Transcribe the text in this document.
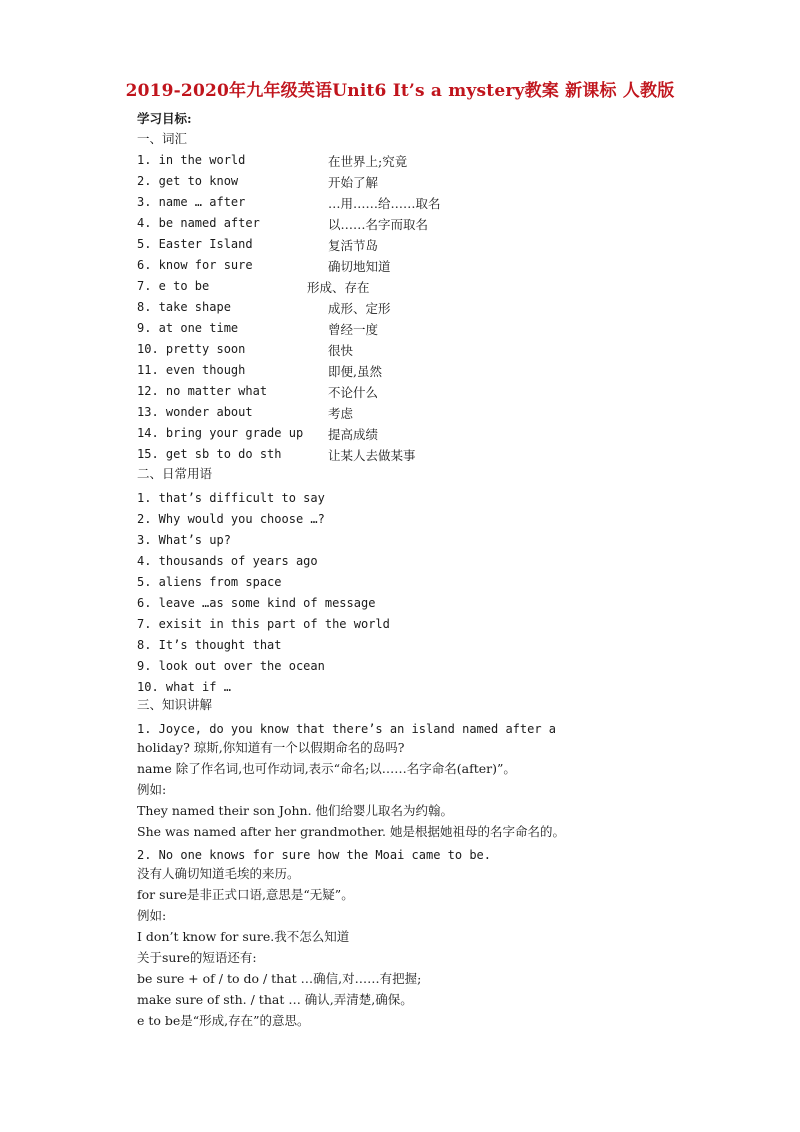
2019-2020年九年级英语Unit6 It’s a mystery教案 新课标 人教版
学习目标:
一、词汇
1. in the world	在世界上;究竟
2. get to know	开始了解
3. name … after	…用……给……取名
4. be named after	以……名字而取名
5. Easter Island	复活节岛
6. know for sure	确切地知道
7. e to be	形成、存在
8. take shape	成形、定形
9. at one time	曾经一度
10. pretty soon	很快
11. even though	即便,虽然
12. no matter what	不论什么
13. wonder about	考虑
14. bring your grade up 提高成绩
15. get sb to do sth	让某人去做某事
二、日常用语
1. that’s difficult to say
2. Why would you choose …?
3. What’s up?
4. thousands of years ago
5. aliens from space
6. leave …as some kind of message
7. exisit in this part of the world
8. It’s thought that
9. look out over the ocean
10. what if …
三、知识讲解
1. Joyce, do you know that there’s an island named after a
holiday? 琼斯,你知道有一个以假期命名的岛吗?
name 除了作名词,也可作动词,表示“命名;以……名字命名(after)”。
例如:
They named their son John. 他们给婴儿取名为约翰。
She was named after her grandmother. 她是根据她祖母的名字命名的。
2. No one knows for sure how the Moai came to be.
没有人确切知道毛埃的来历。
for sure是非正式口语,意思是“无疑”。
例如:
I don’t know for sure.我不怎么知道
关于sure的短语还有:
be sure + of / to do / that …确信,对……有把握;
make sure of sth. / that … 确认,弄清楚,确保。
e to be是“形成,存在”的意思。
